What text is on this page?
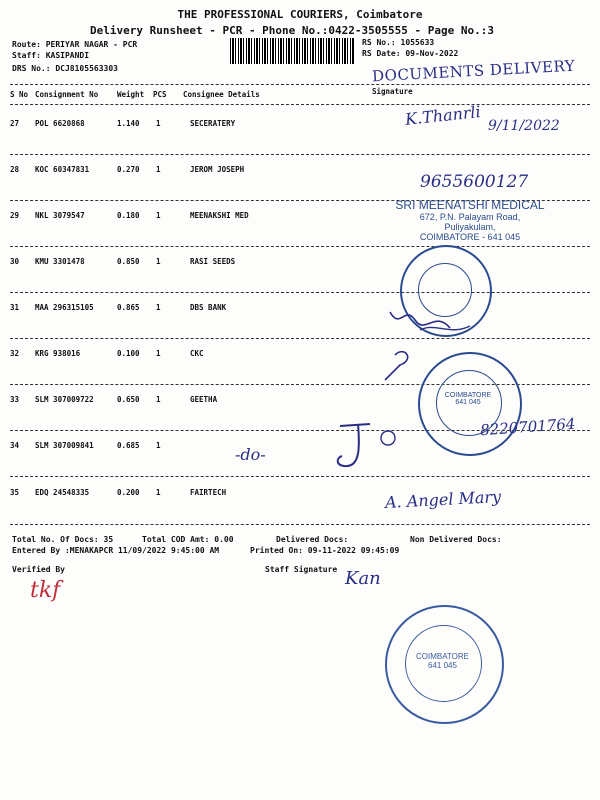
THE PROFESSIONAL COURIERS, Coimbatore
Delivery Runsheet - PCR - Phone No.:0422-3505555 - Page No.:3
Route: PERIYAR NAGAR - PCR
Staff: KASIPANDI
DRS No.: DCJ8105563303
RS No.: 1055633
RS Date: 09-Nov-2022
DOCUMENTS DELIVERY
S No Consignment No	Weight PCS Consignee Details	Signature
27 POL 6620868	1.140 1	SECERATERY
28 KOC 60347831	0.270 1	JEROM JOSEPH
29 NKL 3079547	0.180 1	MEENAKSHI MED
30 KMU 3301478	0.850 1	RASI SEEDS
31 MAA 296315105	0.865 1	DBS BANK
32 KRG 938016	0.100 1	CKC
33 SLM 307009722	0.650 1	GEETHA
34 SLM 307009841	0.685 1
35 EDQ 24548335	0.200 1	FAIRTECH
K.Thanrli 9/11/2022
9655600127
SRI MEENATSHI MEDICAL
672, P.N. Palayam Road,
Puliyakulam,
COIMBATORE - 641 045
COIMBATORE
641 045
-do-
8220701764
A. Angel Mary
Total No. Of Docs: 35	Total COD Amt: 0.00	Delivered Docs:	Non Delivered Docs:
Entered By :MENAKAPCR 11/09/2022 9:45:00 AM	Printed On: 09-11-2022 09:45:09
Verified By	Staff Signature
tkf	Kan
COIMBATORE
641 045
